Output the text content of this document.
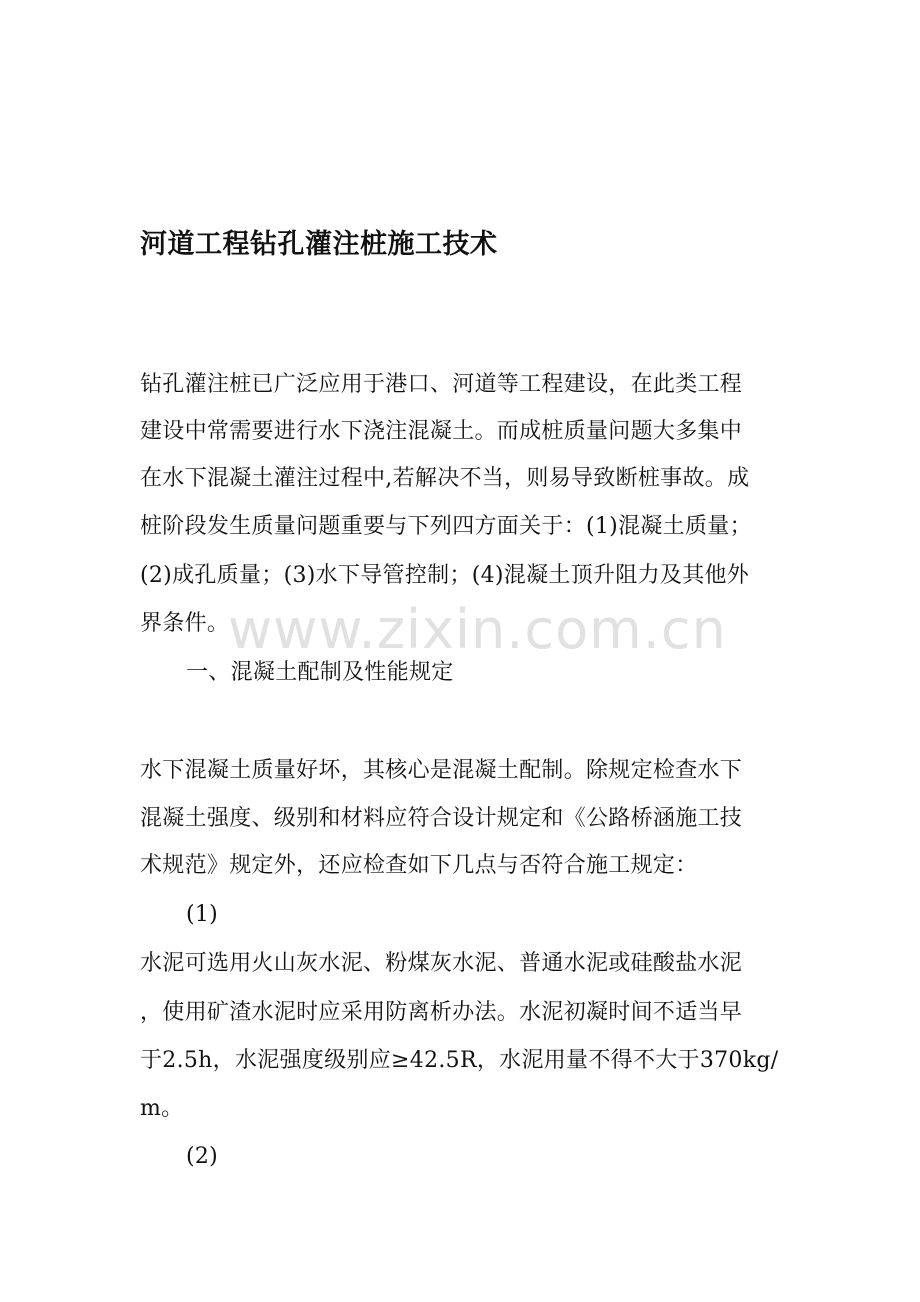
河道工程钻孔灌注桩施工技术
钻孔灌注桩已广泛应用于港口、河道等工程建设，在此类工程
建设中常需要进行水下浇注混凝土。而成桩质量问题大多集中
在水下混凝土灌注过程中,若解决不当，则易导致断桩事故。成
桩阶段发生质量问题重要与下列四方面关于：(1)混凝土质量；
(2)成孔质量；(3)水下导管控制；(4)混凝土顶升阻力及其他外
界条件。
一、混凝土配制及性能规定
水下混凝土质量好坏，其核心是混凝土配制。除规定检查水下
混凝土强度、级别和材料应符合设计规定和《公路桥涵施工技
术规范》规定外，还应检查如下几点与否符合施工规定：
(1)
水泥可选用火山灰水泥、粉煤灰水泥、普通水泥或硅酸盐水泥
，使用矿渣水泥时应采用防离析办法。水泥初凝时间不适当早
于2.5h，水泥强度级别应≥42.5R，水泥用量不得不大于370kg/
m。
(2)
www.zixin.com.cn
